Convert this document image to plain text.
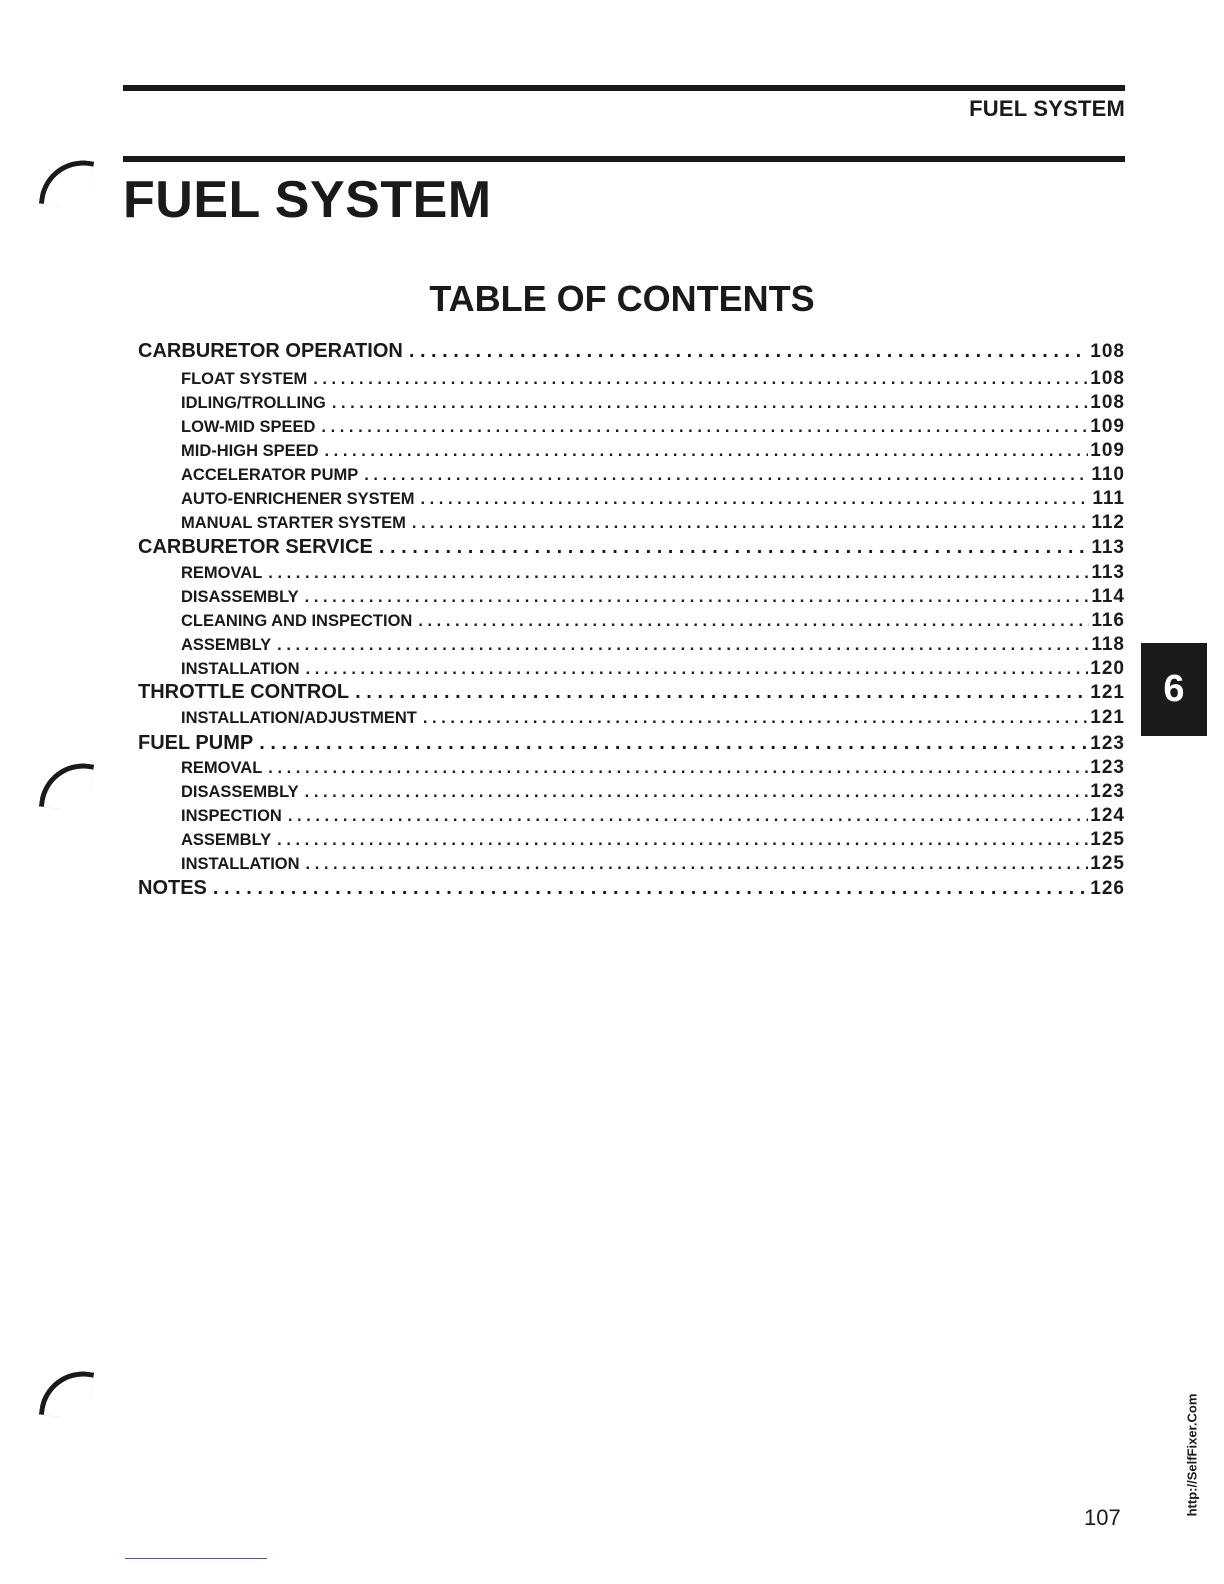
FUEL SYSTEM
FUEL SYSTEM
TABLE OF CONTENTS
CARBURETOR OPERATION . . .	108
FLOAT SYSTEM . . .	108
IDLING/TROLLING . . .	108
LOW-MID SPEED . . .	109
MID-HIGH SPEED . . .	109
ACCELERATOR PUMP . . .	110
AUTO-ENRICHENER SYSTEM . . .	111
MANUAL STARTER SYSTEM . . .	112
CARBURETOR SERVICE . . .	113
REMOVAL . . .	113
DISASSEMBLY . . .	114
CLEANING AND INSPECTION . . .	116
ASSEMBLY . . .	118
INSTALLATION . . .	120
THROTTLE CONTROL . . .	121
INSTALLATION/ADJUSTMENT . . .	121
FUEL PUMP . . .	123
REMOVAL . . .	123
DISASSEMBLY . . .	123
INSPECTION . . .	124
ASSEMBLY . . .	125
INSTALLATION . . .	125
NOTES . . .	126
6
107
http://SelfFixer.Com
